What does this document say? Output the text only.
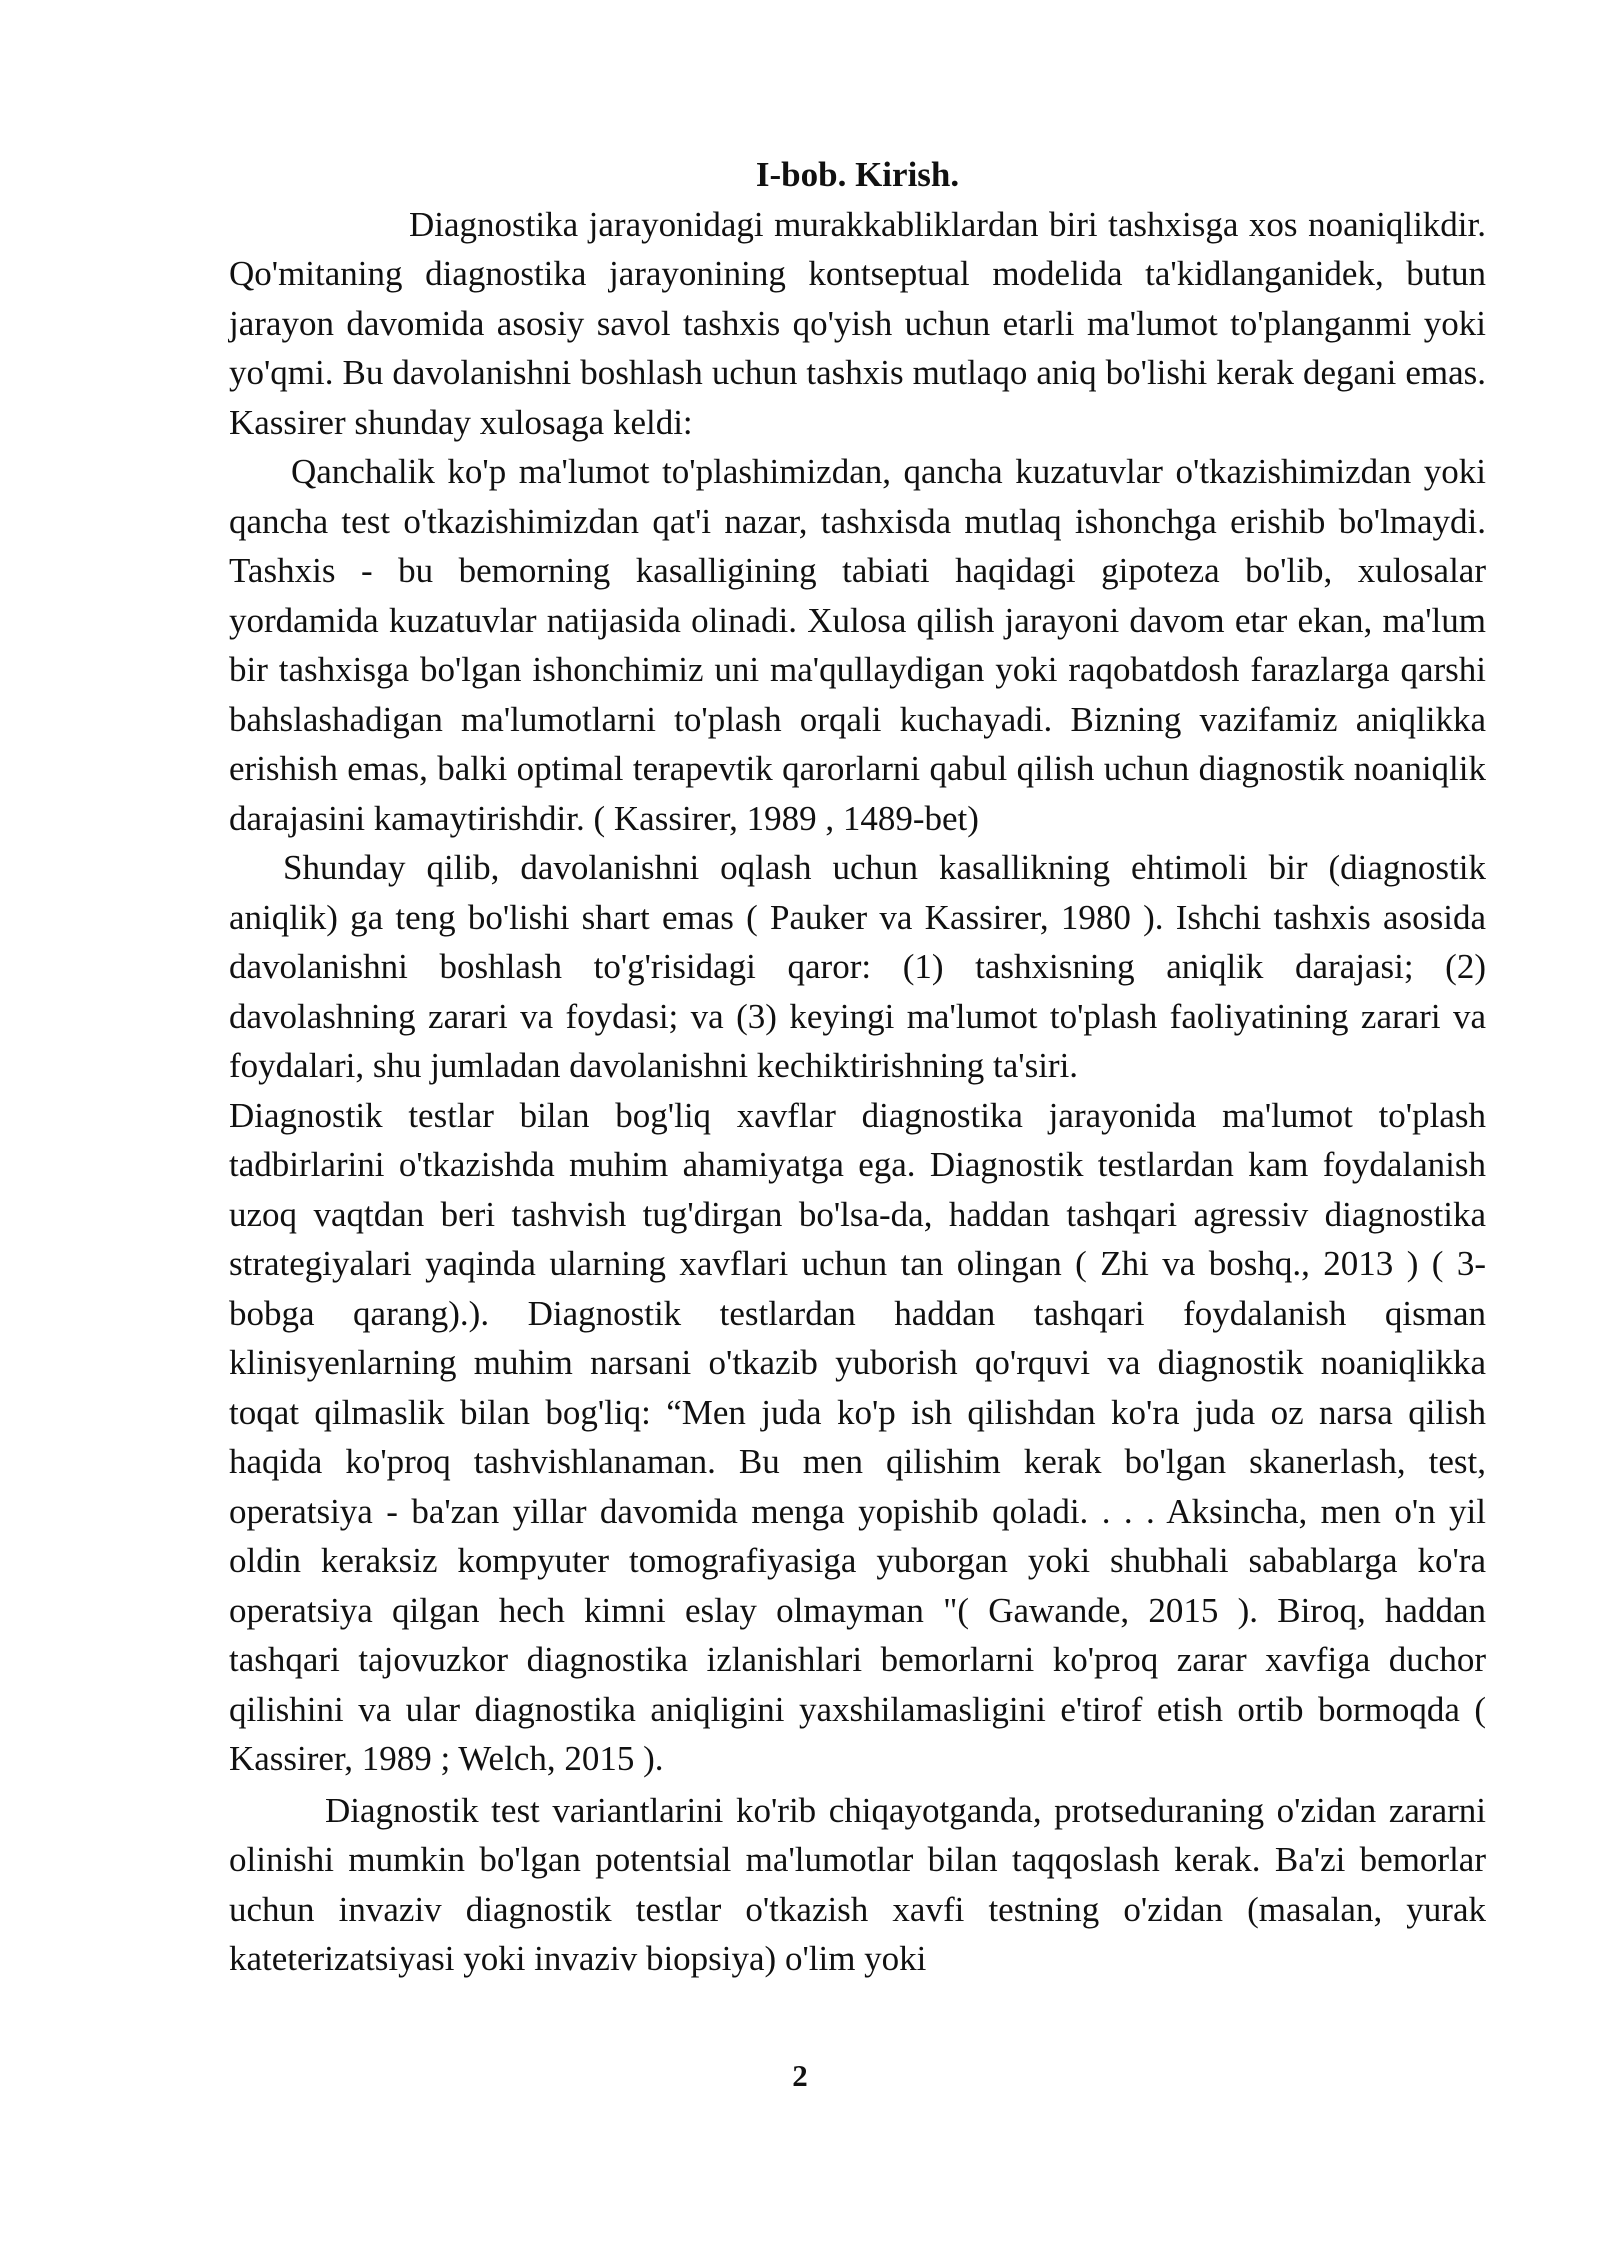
I-bob. Kirish.

Diagnostika jarayonidagi murakkabliklardan biri tashxisga xos noaniqlikdir. Qo'mitaning diagnostika jarayonining kontseptual modelida ta'kidlanganidek, butun jarayon davomida asosiy savol tashxis qo'yish uchun etarli ma'lumot to'planganmi yoki yo'qmi. Bu davolanishni boshlash uchun tashxis mutlaqo aniq bo'lishi kerak degani emas. Kassirer shunday xulosaga keldi:

Qanchalik ko'p ma'lumot to'plashimizdan, qancha kuzatuvlar o'tkazishimizdan yoki qancha test o'tkazishimizdan qat'i nazar, tashxisda mutlaq ishonchga erishib bo'lmaydi. Tashxis - bu bemorning kasalligining tabiati haqidagi gipoteza bo'lib, xulosalar yordamida kuzatuvlar natijasida olinadi. Xulosa qilish jarayoni davom etar ekan, ma'lum bir tashxisga bo'lgan ishonchimiz uni ma'qullaydigan yoki raqobatdosh farazlarga qarshi bahslashadigan ma'lumotlarni to'plash orqali kuchayadi. Bizning vazifamiz aniqlikka erishish emas, balki optimal terapevtik qarorlarni qabul qilish uchun diagnostik noaniqlik darajasini kamaytirishdir. ( Kassirer, 1989 , 1489-bet)

Shunday qilib, davolanishni oqlash uchun kasallikning ehtimoli bir (diagnostik aniqlik) ga teng bo'lishi shart emas ( Pauker va Kassirer, 1980 ). Ishchi tashxis asosida davolanishni boshlash to'g'risidagi qaror: (1) tashxisning aniqlik darajasi; (2) davolashning zarari va foydasi; va (3) keyingi ma'lumot to'plash faoliyatining zarari va foydalari, shu jumladan davolanishni kechiktirishning ta'siri.

Diagnostik testlar bilan bog'liq xavflar diagnostika jarayonida ma'lumot to'plash tadbirlarini o'tkazishda muhim ahamiyatga ega. Diagnostik testlardan kam foydalanish uzoq vaqtdan beri tashvish tug'dirgan bo'lsa-da, haddan tashqari agressiv diagnostika strategiyalari yaqinda ularning xavflari uchun tan olingan ( Zhi va boshq., 2013 ) ( 3-bobga qarang).). Diagnostik testlardan haddan tashqari foydalanish qisman klinisyenlarning muhim narsani o'tkazib yuborish qo'rquvi va diagnostik noaniqlikka toqat qilmaslik bilan bog'liq: “Men juda ko'p ish qilishdan ko'ra juda oz narsa qilish haqida ko'proq tashvishlanaman. Bu men qilishim kerak bo'lgan skanerlash, test, operatsiya - ba'zan yillar davomida menga yopishib qoladi. . . . Aksincha, men o'n yil oldin keraksiz kompyuter tomografiyasiga yuborgan yoki shubhali sabablarga ko'ra operatsiya qilgan hech kimni eslay olmayman "( Gawande, 2015 ). Biroq, haddan tashqari tajovuzkor diagnostika izlanishlari bemorlarni ko'proq zarar xavfiga duchor qilishini va ular diagnostika aniqligini yaxshilamasligini e'tirof etish ortib bormoqda ( Kassirer, 1989 ; Welch, 2015 ).

Diagnostik test variantlarini ko'rib chiqayotganda, protseduraning o'zidan zararni olinishi mumkin bo'lgan potentsial ma'lumotlar bilan taqqoslash kerak. Ba'zi bemorlar uchun invaziv diagnostik testlar o'tkazish xavfi testning o'zidan (masalan, yurak kateterizatsiyasi yoki invaziv biopsiya) o'lim yoki

2
